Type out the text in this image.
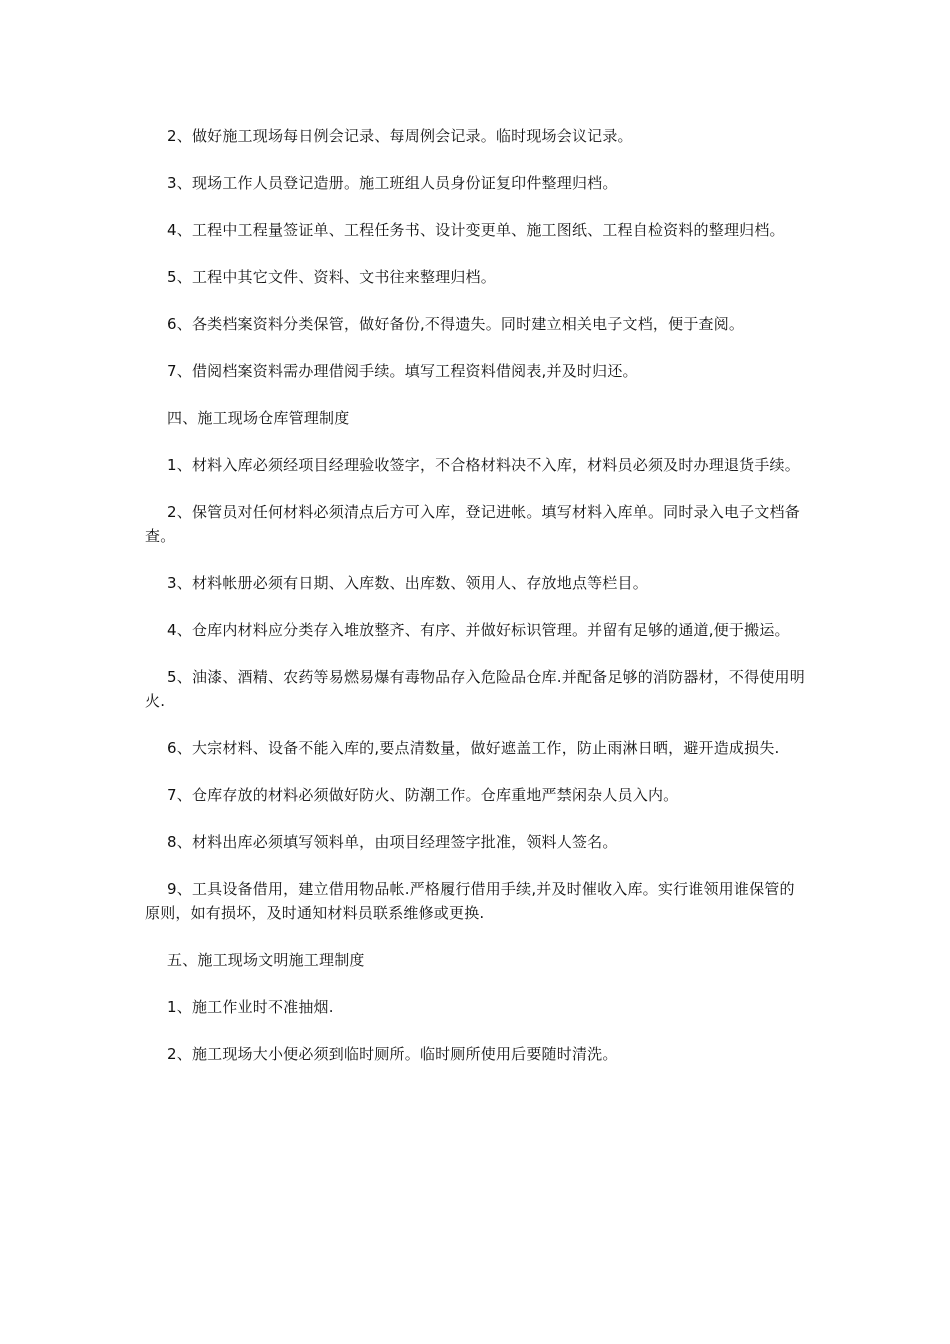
2、做好施工现场每日例会记录、每周例会记录。临时现场会议记录。

3、现场工作人员登记造册。施工班组人员身份证复印件整理归档。

4、工程中工程量签证单、工程任务书、设计变更单、施工图纸、工程自检资料的整理归档。

5、工程中其它文件、资料、文书往来整理归档。

6、各类档案资料分类保管，做好备份,不得遗失。同时建立相关电子文档，便于查阅。

7、借阅档案资料需办理借阅手续。填写工程资料借阅表,并及时归还。

四、施工现场仓库管理制度

1、材料入库必须经项目经理验收签字，不合格材料决不入库，材料员必须及时办理退货手续。

2、保管员对任何材料必须清点后方可入库，登记进帐。填写材料入库单。同时录入电子文档备查。

3、材料帐册必须有日期、入库数、出库数、领用人、存放地点等栏目。

4、仓库内材料应分类存入堆放整齐、有序、并做好标识管理。并留有足够的通道,便于搬运。

5、油漆、酒精、农药等易燃易爆有毒物品存入危险品仓库.并配备足够的消防器材，不得使用明火.

6、大宗材料、设备不能入库的,要点清数量，做好遮盖工作，防止雨淋日晒，避开造成损失.

7、仓库存放的材料必须做好防火、防潮工作。仓库重地严禁闲杂人员入内。

8、材料出库必须填写领料单，由项目经理签字批准，领料人签名。

9、工具设备借用，建立借用物品帐.严格履行借用手续,并及时催收入库。实行谁领用谁保管的原则，如有损坏，及时通知材料员联系维修或更换.

五、施工现场文明施工理制度

1、施工作业时不准抽烟.

2、施工现场大小便必须到临时厕所。临时厕所使用后要随时清洗。
